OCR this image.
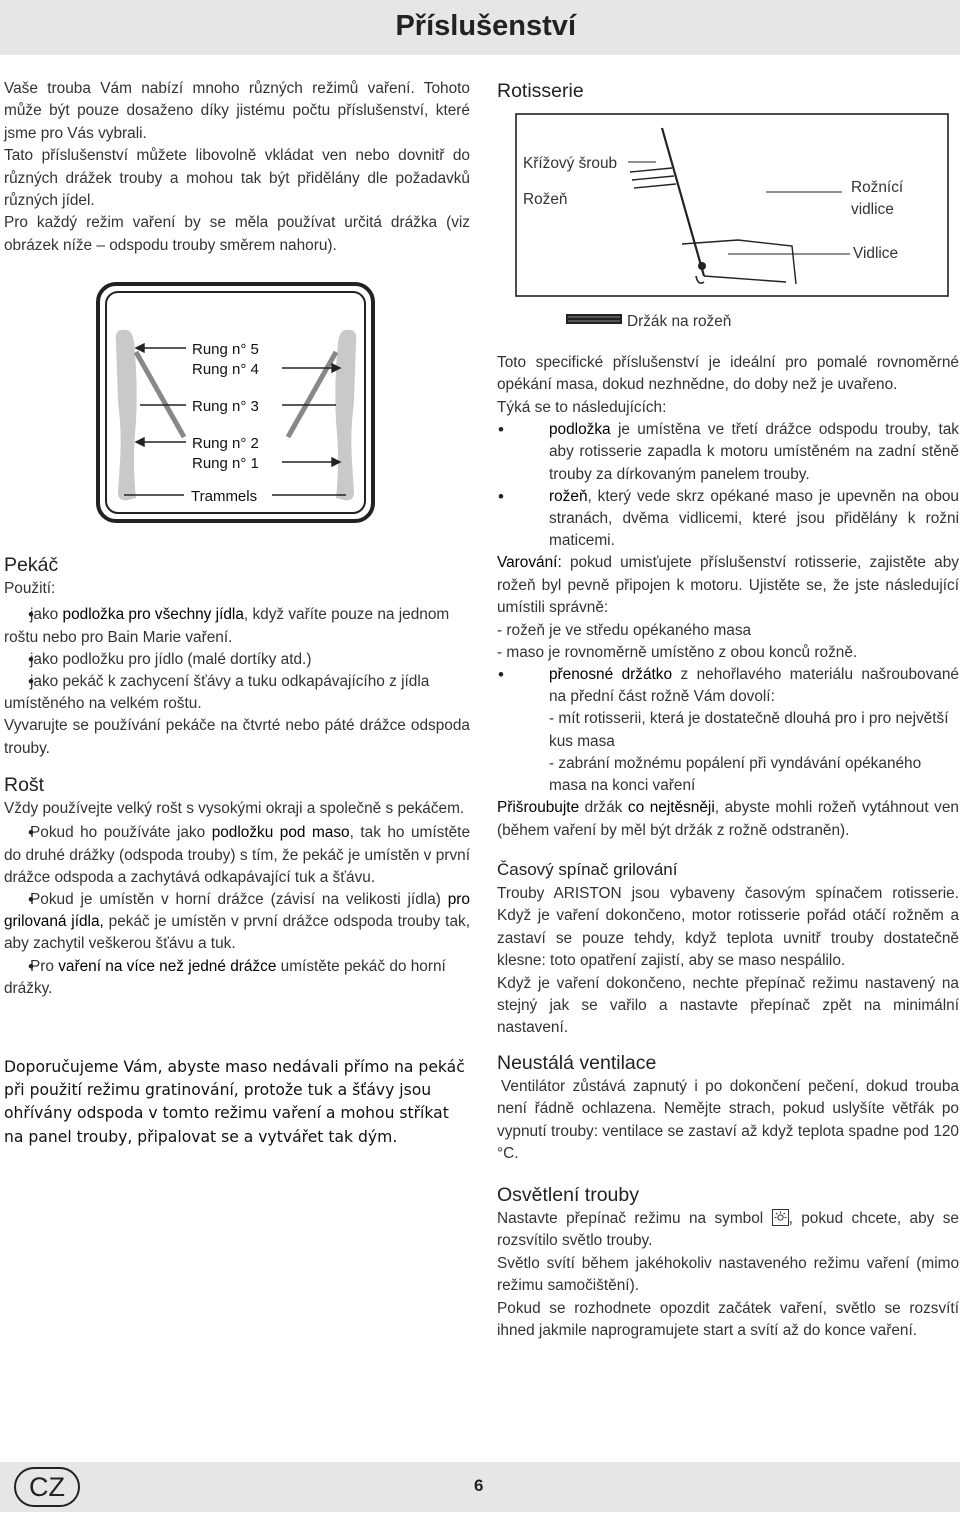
Příslušenství

Vaše trouba Vám nabízí mnoho různých režimů vaření. Tohoto může být pouze dosaženo díky jistému počtu příslušenství, které jsme pro Vás vybrali.

Tato příslušenství můžete libovolně vkládat ven nebo dovnitř do různých drážek trouby a mohou tak být přidělány dle požadavků různých jídel.

Pro každý režim vaření by se měla používat určitá drážka (viz obrázek níže – odspodu trouby směrem nahoru).

Rung n° 5
Rung n° 4
Rung n° 3
Rung n° 2
Rung n° 1
Trammels
Pekáč

Použití:

• jako podložka pro všechny jídla, když vaříte pouze na jednom roštu nebo pro Bain Marie vaření.

• jako podložku pro jídlo (malé dortíky atd.)

• jako pekáč k zachycení šťávy a tuku odkapávajícího z jídla umístěného na velkém roštu.

Vyvarujte se používání pekáče na čtvrté nebo páté drážce odspoda trouby.

Rošt

Vždy používejte velký rošt s vysokými okraji a společně s pekáčem.

• Pokud ho používáte jako podložku pod maso, tak ho umístěte do druhé drážky (odspoda trouby) s tím, že pekáč je umístěn v první drážce odspoda a zachytává odkapávající tuk a šťávu.

• Pokud je umístěn v horní drážce (závisí na velikosti jídla) pro grilovaná jídla, pekáč je umístěn v první drážce odspoda trouby tak, aby zachytil veškerou šťávu a tuk.

• Pro vaření na více než jedné drážce umístěte pekáč do horní drážky.

Doporučujeme Vám, abyste maso nedávali přímo na pekáč při použití režimu gratinování, protože tuk a šťávy jsou ohřívány odspoda v tomto režimu vaření a mohou stříkat na panel trouby, připalovat se a vytvářet tak dým.

Rotisserie
Křížový šroub
Rožeň
Rožnící
vidlice
Vidlice
Držák na rožeň

Toto specifické příslušenství je ideální pro pomalé rovnoměrné opékání masa, dokud nezhnědne, do doby než je uvařeno.

Týká se to následujících:

• podložka je umístěna ve třetí drážce odspodu trouby, tak aby rotisserie zapadla k motoru umístěném na zadní stěně trouby za dírkovaným panelem trouby.

• rožeň, který vede skrz opékané maso je upevněn na obou stranách, dvěma vidlicemi, které jsou přidělány k rožni maticemi.

Varování: pokud umisťujete příslušenství rotisserie, zajistěte aby rožeň byl pevně připojen k motoru. Ujistěte se, že jste následující umístili správně:

- rožeň je ve středu opékaného masa

- maso je rovnoměrně umístěno z obou konců rožně.

• přenosné držátko z nehořlavého materiálu našroubované na přední část rožně Vám dovolí:

- mít rotisserii, která je dostatečně dlouhá pro i pro největší kus masa

- zabrání možnému popálení při vyndávání opékaného masa na konci vaření

Přišroubujte držák co nejtěsněji, abyste mohli rožeň vytáhnout ven (během vaření by měl být držák z rožně odstraněn).

Časový spínač grilování

Trouby ARISTON jsou vybaveny časovým spínačem rotisserie. Když je vaření dokončeno, motor rotisserie pořád otáčí rožněm a zastaví se pouze tehdy, když teplota uvnitř trouby dostatečně klesne: toto opatření zajistí, aby se maso nespálilo.

Když je vaření dokončeno, nechte přepínač režimu nastavený na stejný jak se vařilo a nastavte přepínač zpět na minimální nastavení.

Neustálá ventilace

Ventilátor zůstává zapnutý i po dokončení pečení, dokud trouba není řádně ochlazena. Nemějte strach, pokud uslyšíte větřák po vypnutí trouby: ventilace se zastaví až když teplota spadne pod 120 °C.

Osvětlení trouby

Nastavte přepínač režimu na symbol
, pokud chcete, aby se rozsvítilo světlo trouby.

Světlo svítí během jakéhokoliv nastaveného režimu vaření (mimo režimu samočištění).

Pokud se rozhodnete opozdit začátek vaření, světlo se rozsvítí ihned jakmile naprogramujete start a svítí až do konce vaření.

CZ	6
